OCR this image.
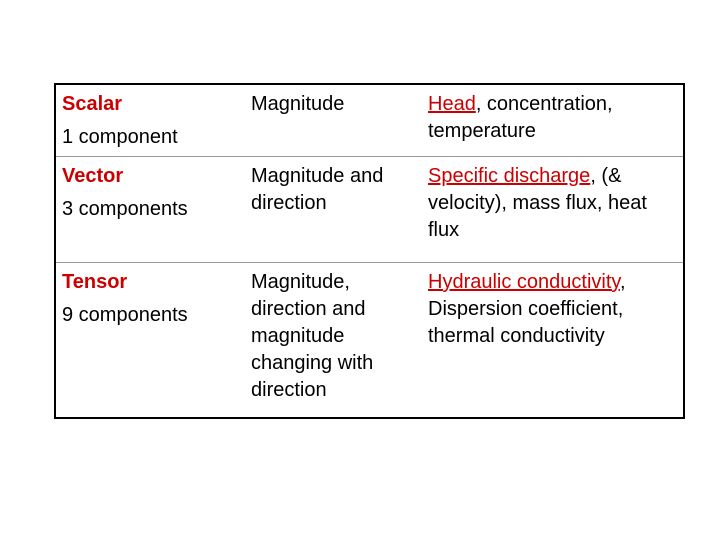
Scalar
1 component	Magnitude	Head, concentration, temperature

Vector
3 components	Magnitude and direction	Specific discharge, (& velocity), mass flux, heat flux

Tensor
9 components	Magnitude, direction and magnitude changing with direction	Hydraulic conductivity, Dispersion coefficient, thermal conductivity
